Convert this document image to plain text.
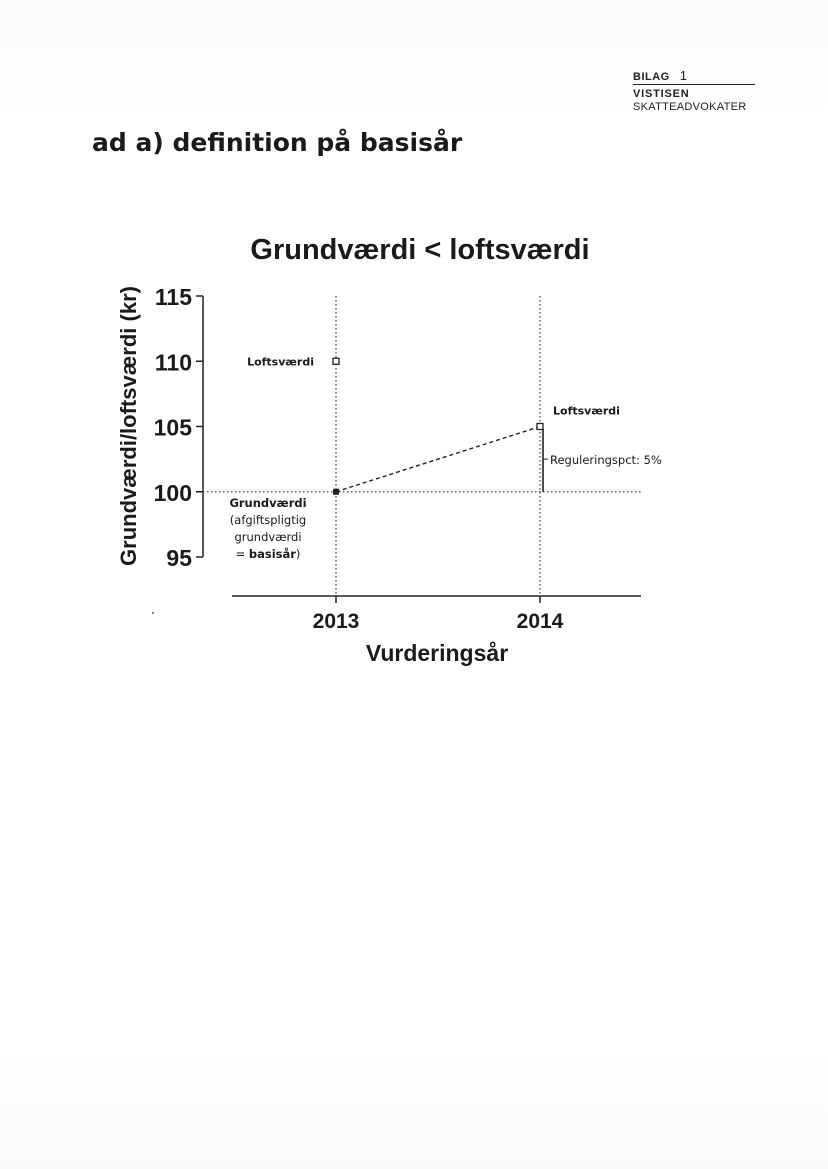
BILAG 1
VISTISEN
SKATTEADVOKATER
ad a) definition på basisår
Grundværdi < loftsværdi
Grundværdi/loftsværdi (kr)
Vurderingsår
95
100
105
110
115
2013	2014
Loftsværdi
Loftsværdi
Reguleringspct: 5%
Grundværdi
(afgiftspligtig
grundværdi
= basisår)
